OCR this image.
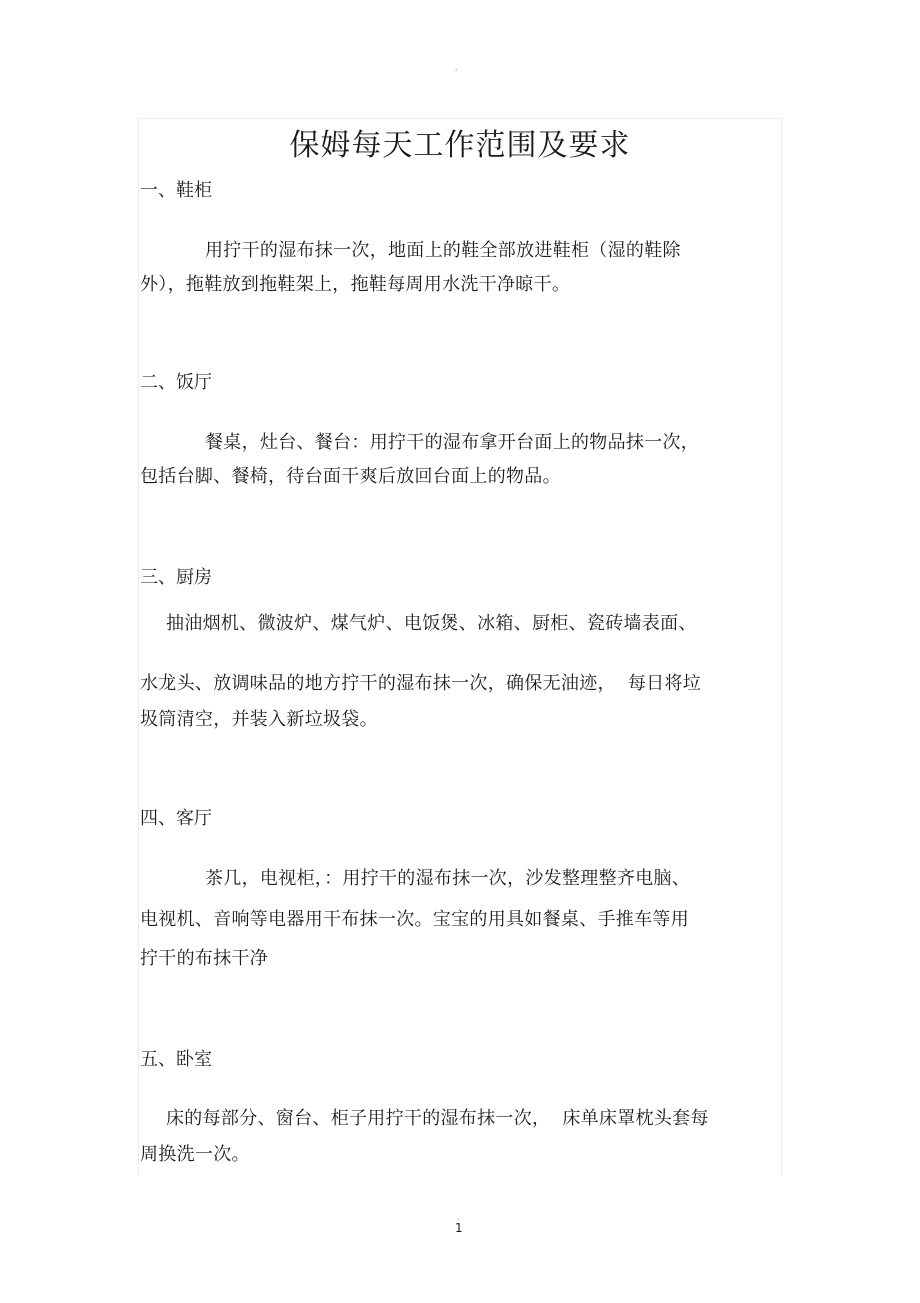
'
保姆每天工作范围及要求
一、鞋柜
用拧干的湿布抹一次，地面上的鞋全部放进鞋柜（湿的鞋除
外），拖鞋放到拖鞋架上，拖鞋每周用水洗干净晾干。
二、饭厅
餐桌，灶台、餐台：用拧干的湿布拿开台面上的物品抹一次，
包括台脚、餐椅，待台面干爽后放回台面上的物品。
三、厨房
抽油烟机、微波炉、煤气炉、电饭煲、冰箱、厨柜、瓷砖墙表面、
水龙头、放调味品的地方拧干的湿布抹一次，确保无油迹，  每日将垃
圾筒清空，并装入新垃圾袋。
四、客厅
茶几，电视柜，：用拧干的湿布抹一次，沙发整理整齐电脑、
电视机、音响等电器用干布抹一次。宝宝的用具如餐桌、手推车等用
拧干的布抹干净
五、卧室
床的每部分、窗台、柜子用拧干的湿布抹一次，  床单床罩枕头套每
周换洗一次。
.
1
